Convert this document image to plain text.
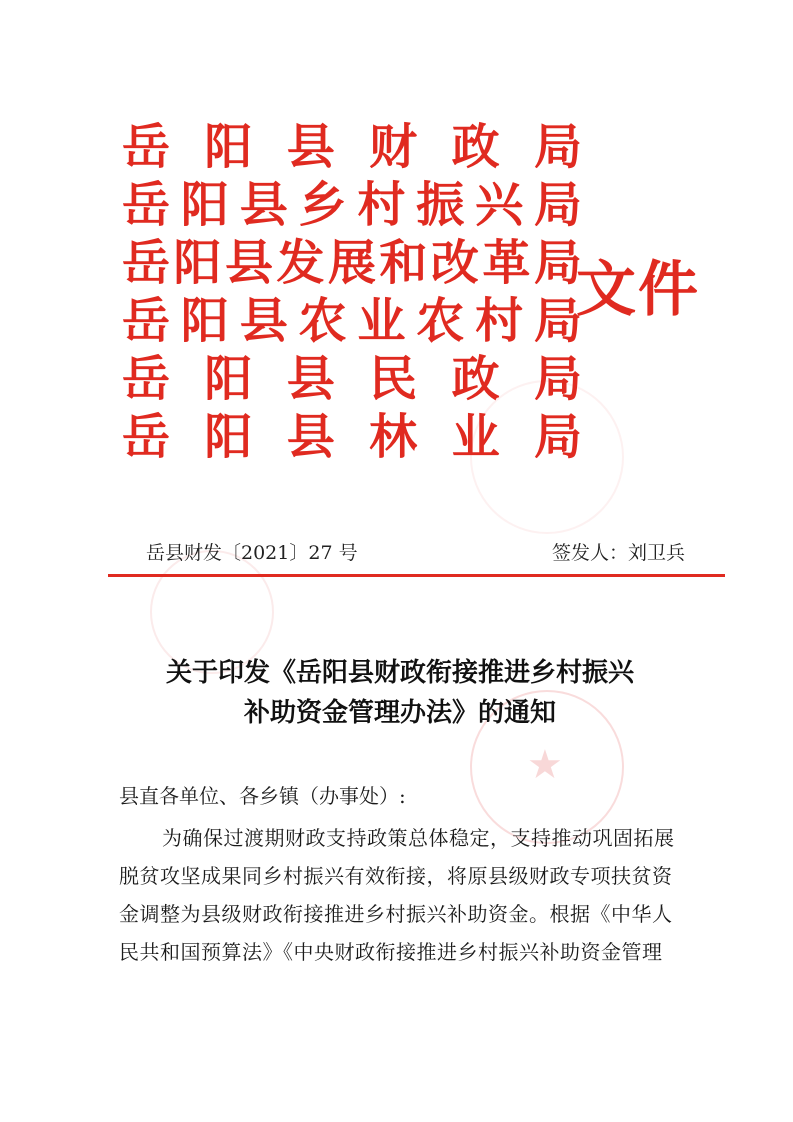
★
岳 阳 县 财 政 局
岳 阳 县 乡 村 振 兴 局
岳 阳 县 发 展 和 改 革 局
岳 阳 县 农 业 农 村 局
岳 阳 县 民 政 局
岳 阳 县 林 业 局
文件
岳县财发〔2021〕27 号	签发人：刘卫兵
关于印发《岳阳县财政衔接推进乡村振兴
补助资金管理办法》的通知
县直各单位、各乡镇（办事处）:
为确保过渡期财政支持政策总体稳定，支持推动巩固拓展
脱贫攻坚成果同乡村振兴有效衔接，将原县级财政专项扶贫资
金调整为县级财政衔接推进乡村振兴补助资金。根据《中华人
民共和国预算法》《中央财政衔接推进乡村振兴补助资金管理
